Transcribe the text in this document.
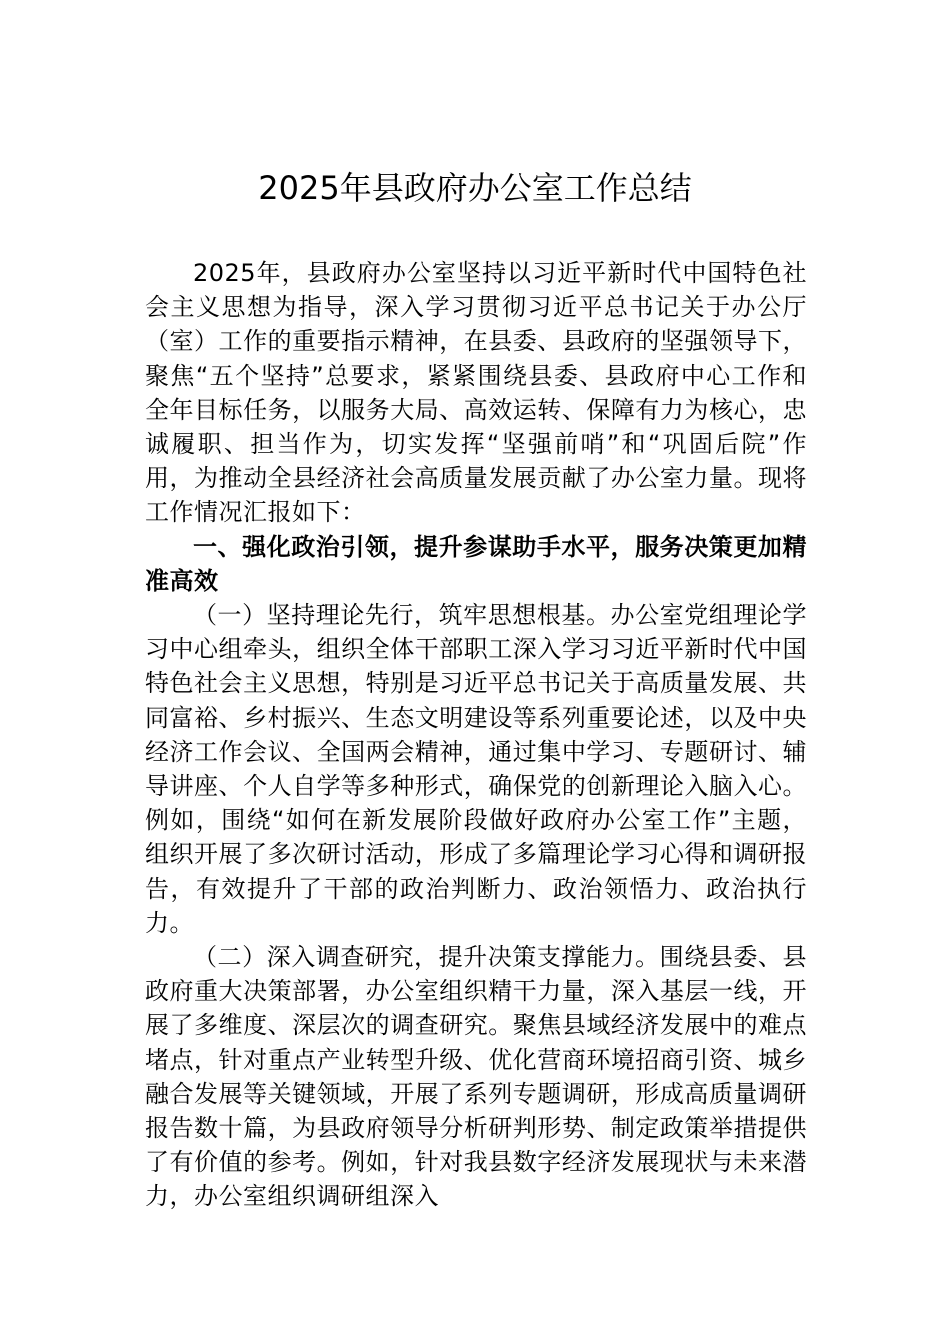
2025年县政府办公室工作总结

2025年，县政府办公室坚持以习近平新时代中国特色社会主义思想为指导，深入学习贯彻习近平总书记关于办公厅（室）工作的重要指示精神，在县委、县政府的坚强领导下，聚焦“五个坚持”总要求，紧紧围绕县委、县政府中心工作和全年目标任务，以服务大局、高效运转、保障有力为核心，忠诚履职、担当作为，切实发挥“坚强前哨”和“巩固后院”作用，为推动全县经济社会高质量发展贡献了办公室力量。现将工作情况汇报如下：

一、强化政治引领，提升参谋助手水平，服务决策更加精准高效

（一）坚持理论先行，筑牢思想根基。办公室党组理论学习中心组牵头，组织全体干部职工深入学习习近平新时代中国特色社会主义思想，特别是习近平总书记关于高质量发展、共同富裕、乡村振兴、生态文明建设等系列重要论述，以及中央经济工作会议、全国两会精神，通过集中学习、专题研讨、辅导讲座、个人自学等多种形式，确保党的创新理论入脑入心。例如，围绕“如何在新发展阶段做好政府办公室工作”主题，组织开展了多次研讨活动，形成了多篇理论学习心得和调研报告，有效提升了干部的政治判断力、政治领悟力、政治执行力。

（二）深入调查研究，提升决策支撑能力。围绕县委、县政府重大决策部署，办公室组织精干力量，深入基层一线，开展了多维度、深层次的调查研究。聚焦县域经济发展中的难点堵点，针对重点产业转型升级、优化营商环境招商引资、城乡融合发展等关键领域，开展了系列专题调研，形成高质量调研报告数十篇，为县政府领导分析研判形势、制定政策举措提供了有价值的参考。例如，针对我县数字经济发展现状与未来潜力，办公室组织调研组深入
